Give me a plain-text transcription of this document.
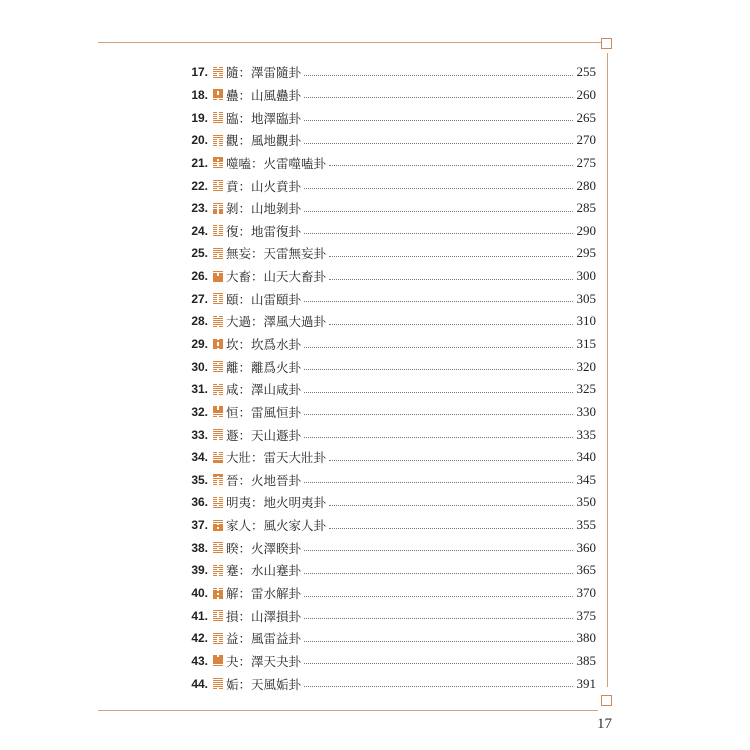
17. 隨：澤雷隨卦	255
18. 蠱：山風蠱卦	260
19. 臨：地澤臨卦	265
20. 觀：風地觀卦	270
21. 噬嗑：火雷噬嗑卦	275
22. 賁：山火賁卦	280
23. 剝：山地剝卦	285
24. 復：地雷復卦	290
25. 無妄：天雷無妄卦	295
26. 大畜：山天大畜卦	300
27. 頤：山雷頤卦	305
28. 大過：澤風大過卦	310
29. 坎：坎爲水卦	315
30. 離：離爲火卦	320
31. 咸：澤山咸卦	325
32. 恒：雷風恒卦	330
33. 遯：天山遯卦	335
34. 大壯：雷天大壯卦	340
35. 晉：火地晉卦	345
36. 明夷：地火明夷卦	350
37. 家人：風火家人卦	355
38. 睽：火澤睽卦	360
39. 蹇：水山蹇卦	365
40. 解：雷水解卦	370
41. 損：山澤損卦	375
42. 益：風雷益卦	380
43. 夬：澤天夬卦	385
44. 姤：天風姤卦	391
17
